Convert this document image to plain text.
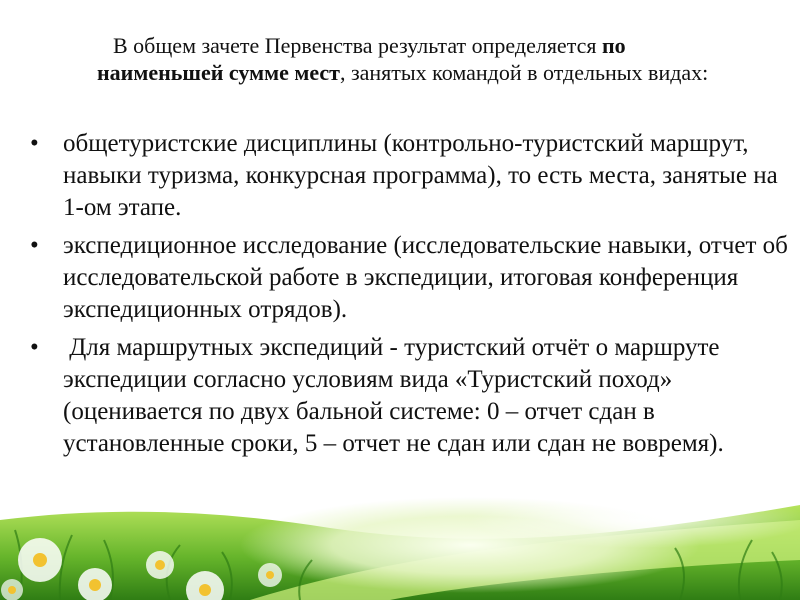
В общем зачете Первенства результат определяется по наименьшей сумме мест, занятых командой в отдельных видах:

• общетуристские дисциплины (контрольно-туристский маршрут, навыки туризма, конкурсная программа), то есть места, занятые на 1-ом этапе.
• экспедиционное исследование (исследовательские навыки, отчет об исследовательской работе в экспедиции, итоговая конференция экспедиционных отрядов).
• Для маршрутных экспедиций - туристский отчёт о маршруте экспедиции согласно условиям вида «Туристский поход» (оценивается по двух бальной системе: 0 – отчет сдан в установленные сроки, 5 – отчет не сдан или сдан не вовремя).
